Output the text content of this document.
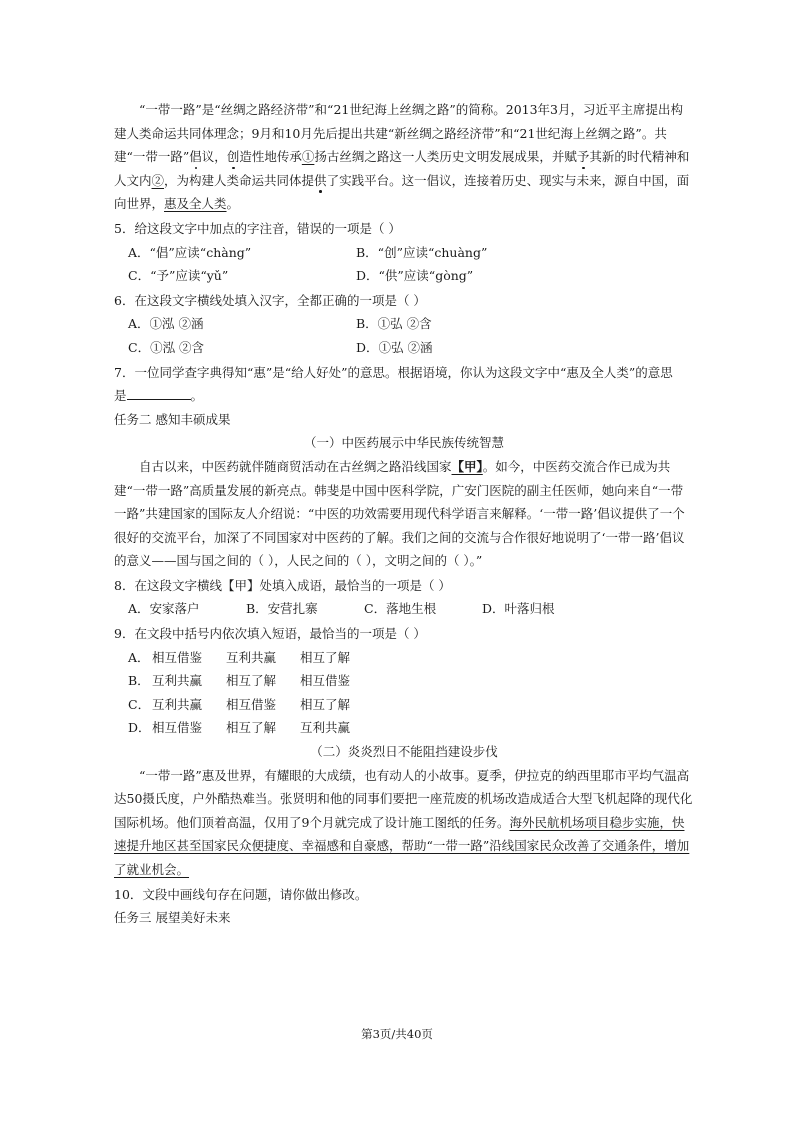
“一带一路”是“丝绸之路经济带”和“21世纪海上丝绸之路”的简称。2013年3月，习近平主席提出构建人类命运共同体理念；9月和10月先后提出共建“新丝绸之路经济带”和“21世纪海上丝绸之路”。共建“一带一路”倡议，创造性地传承①扬古丝绸之路这一人类历史文明发展成果，并赋予其新的时代精神和人文内②，为构建人类命运共同体提供了实践平台。这一倡议，连接着历史、现实与未来，源自中国，面向世界，惠及全人类。

5．给这段文字中加点的字注音，错误的一项是（ ）
A．“倡”应读“chàng”	B．“创”应读“chuàng”
C．“予”应读“yǔ”	D．“供”应读“gòng”
6．在这段文字横线处填入汉字，全都正确的一项是（ ）
A．①泓 ②涵	B．①弘 ②含
C．①泓 ②含	D．①弘 ②涵
7．一位同学查字典得知“惠”是“给人好处”的意思。根据语境，你认为这段文字中“惠及全人类”的意思
是	。
任务二 感知丰硕成果
（一）中医药展示中华民族传统智慧

自古以来，中医药就伴随商贸活动在古丝绸之路沿线国家【甲】。如今，中医药交流合作已成为共建“一带一路”高质量发展的新亮点。韩斐是中国中医科学院，广安门医院的副主任医师，她向来自“一带一路”共建国家的国际友人介绍说：“中医的功效需要用现代科学语言来解释。‘一带一路’倡议提供了一个很好的交流平台，加深了不同国家对中医药的了解。我们之间的交流与合作很好地说明了‘一带一路’倡议的意义——国与国之间的（ ），人民之间的（ ），文明之间的（ ）。”

8．在这段文字横线【甲】处填入成语，最恰当的一项是（ ）
A．安家落户	B．安营扎寨	C．落地生根	D．叶落归根
9．在文段中括号内依次填入短语，最恰当的一项是（ ）
A． 相互借鉴 互利共赢 相互了解
B． 互利共赢 相互了解 相互借鉴
C． 互利共赢 相互借鉴 相互了解
D．相互借鉴 相互了解 互利共赢
（二）炎炎烈日不能阻挡建设步伐

“一带一路”惠及世界，有耀眼的大成绩，也有动人的小故事。夏季，伊拉克的纳西里耶市平均气温高达50摄氏度，户外酷热难当。张贤明和他的同事们要把一座荒废的机场改造成适合大型飞机起降的现代化国际机场。他们顶着高温，仅用了9个月就完成了设计施工图纸的任务。海外民航机场项目稳步实施，快速提升地区甚至国家民众便捷度、幸福感和自豪感，帮助“一带一路”沿线国家民众改善了交通条件，增加了就业机会。

10．文段中画线句存在问题，请你做出修改。
任务三 展望美好未来
第3页/共40页
